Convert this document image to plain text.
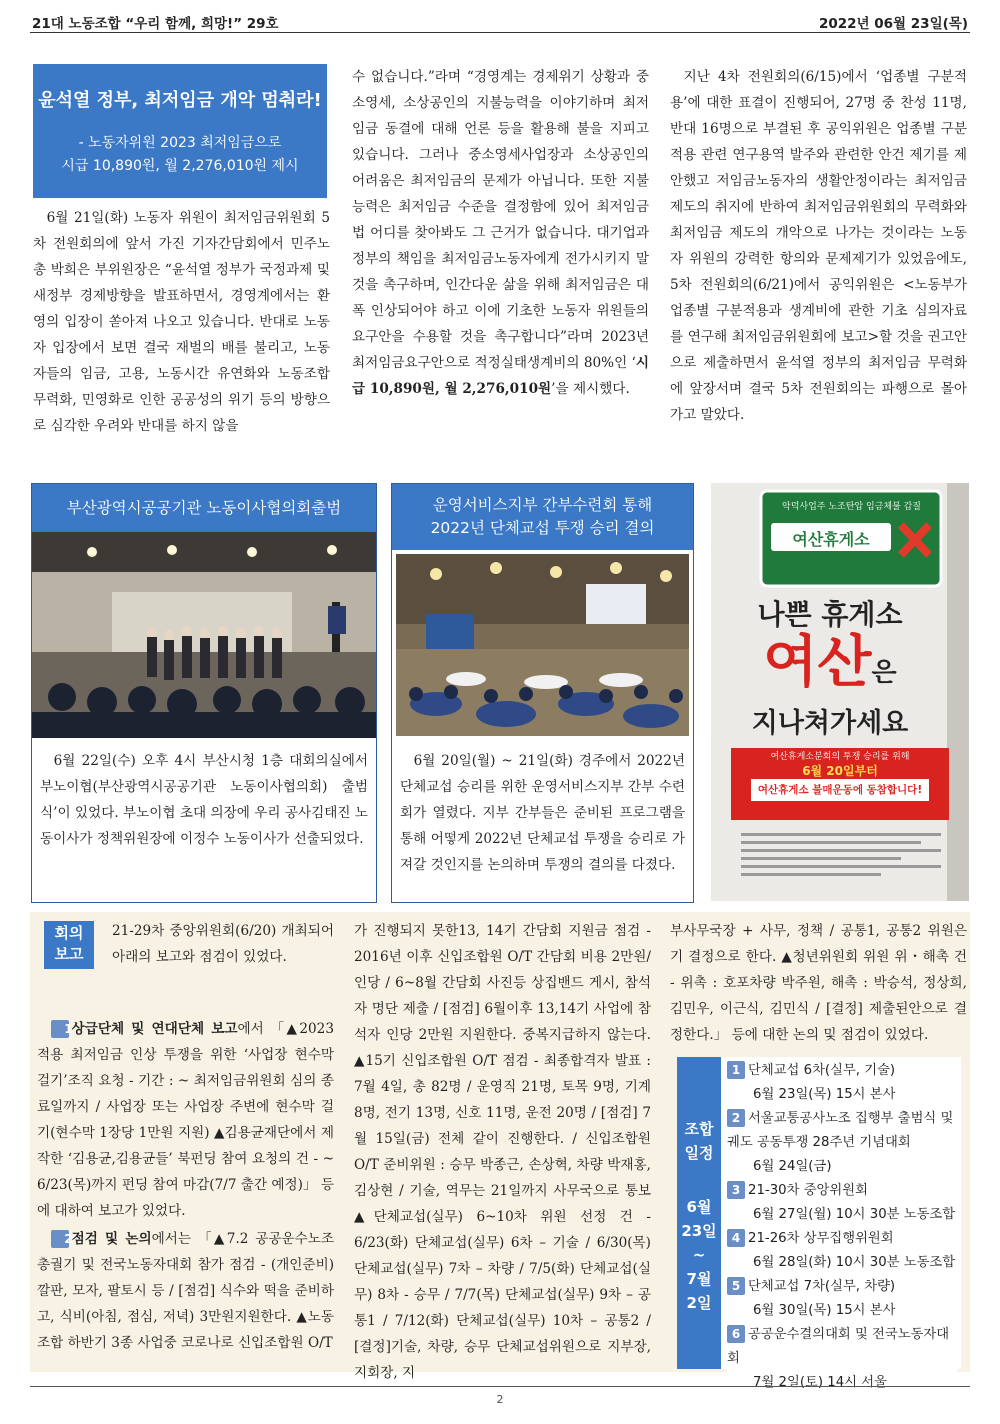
21대 노동조합 “우리 함께, 희망!” 29호	2022년 06월 23일(목)
윤석열 정부, 최저임금 개악 멈춰라!
- 노동자위원 2023 최저임금으로
시급 10,890원, 월 2,276,010원 제시

6월 21일(화) 노동자 위원이 최저임금위원회 5차 전원회의에 앞서 가진 기자간담회에서 민주노총 박희은 부위원장은 “윤석열 정부가 국정과제 및 새정부 경제방향을 발표하면서, 경영계에서는 환영의 입장이 쏟아져 나오고 있습니다. 반대로 노동자 입장에서 보면 결국 재벌의 배를 불리고, 노동자들의 임금, 고용, 노동시간 유연화와 노동조합 무력화, 민영화로 인한 공공성의 위기 등의 방향으로 심각한 우려와 반대를 하지 않을

수 없습니다.”라며 “경영계는 경제위기 상황과 중소영세, 소상공인의 지불능력을 이야기하며 최저임금 동결에 대해 언론 등을 활용해 불을 지피고 있습니다. 그러나 중소영세사업장과 소상공인의 어려움은 최저임금의 문제가 아닙니다. 또한 지불능력은 최저임금 수준을 결정함에 있어 최저임금법 어디를 찾아봐도 그 근거가 없습니다. 대기업과 정부의 책임을 최저임금노동자에게 전가시키지 말 것을 촉구하며, 인간다운 삶을 위해 최저임금은 대폭 인상되어야 하고 이에 기초한 노동자 위원들의 요구안을 수용할 것을 촉구합니다”라며 2023년 최저임금요구안으로 적정실태생계비의 80%인 ‘시급 10,890원, 월 2,276,010원’을 제시했다.

지난 4차 전원회의(6/15)에서 ‘업종별 구분적용’에 대한 표결이 진행되어, 27명 중 찬성 11명, 반대 16명으로 부결된 후 공익위원은 업종별 구분적용 관련 연구용역 발주와 관련한 안건 제기를 제안했고 저임금노동자의 생활안정이라는 최저임금 제도의 취지에 반하여 최저임금위원회의 무력화와 최저임금 제도의 개악으로 나가는 것이라는 노동자 위원의 강력한 항의와 문제제기가 있었음에도, 5차 전원회의(6/21)에서 공익위원은 <노동부가 업종별 구분적용과 생계비에 관한 기초 심의자료를 연구해 최저임금위원회에 보고>할 것을 권고안으로 제출하면서 윤석열 정부의 최저임금 무력화에 앞장서며 결국 5차 전원회의는 파행으로 몰아가고 말았다.

부산광역시공공기관 노동이사협의회출범

6월 22일(수) 오후 4시 부산시청 1층 대회의실에서 부노이협(부산광역시공공기관 노동이사협의회) 출범식’이 있었다. 부노이협 초대 의장에 우리 공사김태진 노동이사가 정책위원장에 이정수 노동이사가 선출되었다.

운영서비스지부 간부수련회 통해
2022년 단체교섭 투쟁 승리 결의

6월 20일(월) ~ 21일(화) 경주에서 2022년 단체교섭 승리를 위한 운영서비스지부 간부 수련회가 열렸다. 지부 간부들은 준비된 프로그램을 통해 어떻게 2022년 단체교섭 투쟁을 승리로 가져갈 것인지를 논의하며 투쟁의 결의를 다졌다.

악덕사업주 노조탄압 임금체불 갑질
여산휴게소
나쁜 휴게소
여산은
지나쳐가세요
여산휴게소분회의 투쟁 승리를 위해
6월 20일부터
여산휴게소 불매운동에 동참합니다!
회의
보고
21-29차 중앙위원회(6/20) 개최되어 아래의 보고와 점검이 있었다.

1상급단체 및 연대단체 보고에서 「▲2023 적용 최저임금 인상 투쟁을 위한 ‘사업장 현수막 걸기’조직 요청 - 기간 : ~ 최저임금위원회 심의 종료일까지 / 사업장 또는 사업장 주변에 현수막 걸기(현수막 1장당 1만원 지원) ▲김용균재단에서 제작한 ‘김용균,김용균들’ 북펀딩 참여 요청의 건 - ~ 6/23(목)까지 펀딩 참여 마감(7/7 출간 예정)」 등에 대하여 보고가 있었다.

2점검 및 논의에서는 「▲7.2 공공운수노조 총궐기 및 전국노동자대회 참가 점검 - (개인준비) 깔판, 모자, 팔토시 등 / [점검] 식수와 떡을 준비하고, 식비(아침, 점심, 저녁) 3만원지원한다. ▲노동조합 하반기 3종 사업중 코로나로 신입조합원 O/T

가 진행되지 못한13, 14기 간담회 지원금 점검 - 2016년 이후 신입조합원 O/T 간담회 비용 2만원/인당 / 6~8월 간담회 사진등 상집밴드 게시, 참석자 명단 제출 / [점검] 6월이후 13,14기 사업에 참석자 인당 2만원 지원한다. 중복지급하지 않는다. ▲15기 신입조합원 O/T 점검 - 최종합격자 발표 : 7월 4일, 총 82명 / 운영직 21명, 토목 9명, 기계 8명, 전기 13명, 신호 11명, 운전 20명 / [점검] 7월 15일(금) 전체 같이 진행한다. / 신입조합원 O/T 준비위원 : 승무 박종근, 손상혁, 차량 박재홍, 김상현 / 기술, 역무는 21일까지 사무국으로 통보 ▲단체교섭(실무) 6~10차 위원 선정 건 - 6/23(화) 단체교섭(실무) 6차 – 기술 / 6/30(목) 단체교섭(실무) 7차 – 차량 / 7/5(화) 단체교섭(실무) 8차 - 승무 / 7/7(목) 단체교섭(실무) 9차 – 공통1 / 7/12(화) 단체교섭(실무) 10차 – 공통2 / [결정]기술, 차량, 승무 단체교섭위원으로 지부장, 지회장, 지

부사무국장 + 사무, 정책 / 공통1, 공통2 위원은 기 결정으로 한다. ▲청년위원회 위원 위・해촉 건 - 위촉 : 호포차량 박주원, 해촉 : 박승석, 정상희, 김민우, 이근식, 김민식 / [결정] 제출된안으로 결정한다.」 등에 대한 논의 및 점검이 있었다.

조합
일정
6월
23일
~
7월
2일
1 단체교섭 6차(실무, 기술)
6월 23일(목) 15시 본사
2 서울교통공사노조 집행부 출범식 및 궤도 공동투쟁 28주년 기념대회
6월 24일(금)
3 21-30차 중앙위원회
6월 27일(월) 10시 30분 노동조합
4 21-26차 상무집행위원회
6월 28일(화) 10시 30분 노동조합
5 단체교섭 7차(실무, 차량)
6월 30일(목) 15시 본사
6 공공운수결의대회 및 전국노동자대회
7월 2일(토) 14시 서울
2
